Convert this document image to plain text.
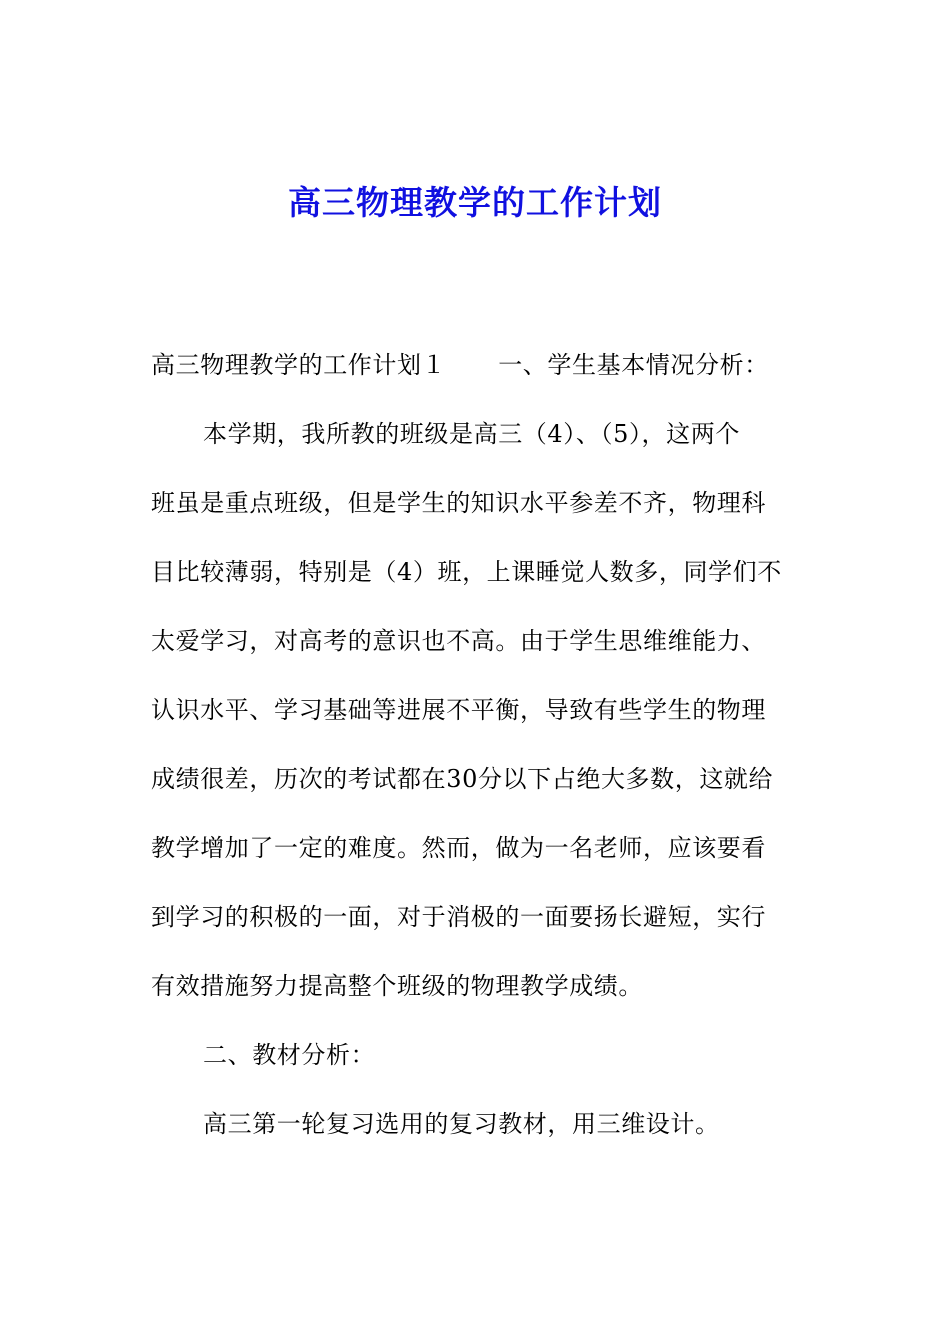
高三物理教学的工作计划
高三物理教学的工作计划１ 一、学生基本情况分析：
本学期，我所教的班级是高三（4）、（5），这两个
班虽是重点班级，但是学生的知识水平参差不齐，物理科
目比较薄弱，特别是（4）班，上课睡觉人数多，同学们不
太爱学习，对高考的意识也不高。由于学生思维维能力、
认识水平、学习基础等进展不平衡，导致有些学生的物理
成绩很差，历次的考试都在30分以下占绝大多数，这就给
教学增加了一定的难度。然而，做为一名老师，应该要看
到学习的积极的一面，对于消极的一面要扬长避短，实行
有效措施努力提高整个班级的物理教学成绩。
二、教材分析：
高三第一轮复习选用的复习教材，用三维设计。
